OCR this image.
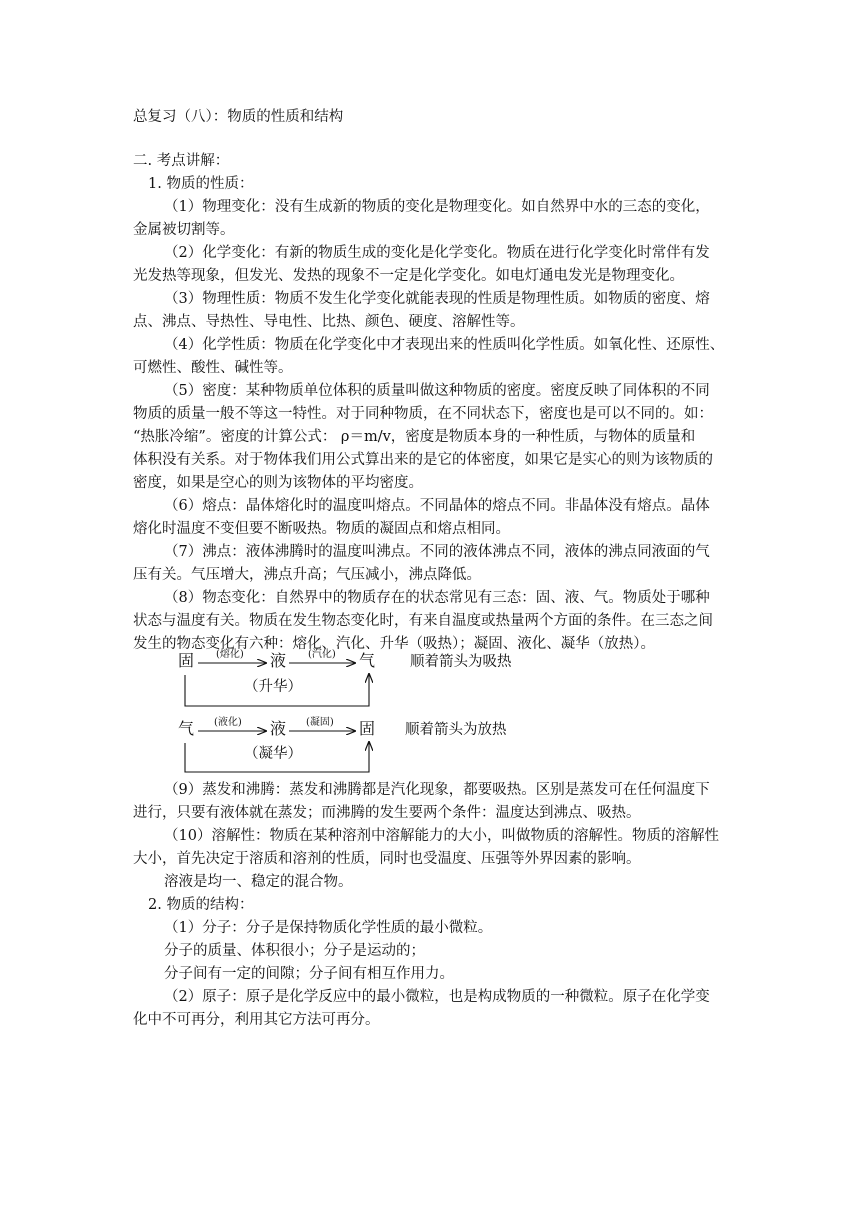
总复习（八）：物质的性质和结构
二. 考点讲解：
1. 物质的性质：
（1）物理变化：没有生成新的物质的变化是物理变化。如自然界中水的三态的变化，
金属被切割等。
（2）化学变化：有新的物质生成的变化是化学变化。物质在进行化学变化时常伴有发
光发热等现象，但发光、发热的现象不一定是化学变化。如电灯通电发光是物理变化。
（3）物理性质：物质不发生化学变化就能表现的性质是物理性质。如物质的密度、熔
点、沸点、导热性、导电性、比热、颜色、硬度、溶解性等。
（4）化学性质：物质在化学变化中才表现出来的性质叫化学性质。如氧化性、还原性、
可燃性、酸性、碱性等。
（5）密度：某种物质单位体积的质量叫做这种物质的密度。密度反映了同体积的不同
物质的质量一般不等这一特性。对于同种物质，在不同状态下，密度也是可以不同的。如：
“热胀冷缩”。密度的计算公式： ρ＝m/v，密度是物质本身的一种性质，与物体的质量和
体积没有关系。对于物体我们用公式算出来的是它的体密度，如果它是实心的则为该物质的
密度，如果是空心的则为该物体的平均密度。
（6）熔点：晶体熔化时的温度叫熔点。不同晶体的熔点不同。非晶体没有熔点。晶体
熔化时温度不变但要不断吸热。物质的凝固点和熔点相同。
（7）沸点：液体沸腾时的温度叫沸点。不同的液体沸点不同，液体的沸点同液面的气
压有关。气压增大，沸点升高；气压减小，沸点降低。
（8）物态变化：自然界中的物质存在的状态常见有三态：固、液、气。物质处于哪种
状态与温度有关。物质在发生物态变化时，有来自温度或热量两个方面的条件。在三态之间
发生的物态变化有六种：熔化、汽化、升华（吸热）；凝固、液化、凝华（放热）。
固 (熔化) 液 (汽化) 气 顺着箭头为吸热
（升华）
气 (液化) 液 (凝固) 固 顺着箭头为放热
（凝华）
（9）蒸发和沸腾：蒸发和沸腾都是汽化现象，都要吸热。区别是蒸发可在任何温度下
进行，只要有液体就在蒸发；而沸腾的发生要两个条件：温度达到沸点、吸热。
（10）溶解性：物质在某种溶剂中溶解能力的大小，叫做物质的溶解性。物质的溶解性
大小，首先决定于溶质和溶剂的性质，同时也受温度、压强等外界因素的影响。
溶液是均一、稳定的混合物。
2. 物质的结构：
（1）分子：分子是保持物质化学性质的最小微粒。
分子的质量、体积很小；分子是运动的；
分子间有一定的间隙；分子间有相互作用力。
（2）原子：原子是化学反应中的最小微粒，也是构成物质的一种微粒。原子在化学变
化中不可再分，利用其它方法可再分。
